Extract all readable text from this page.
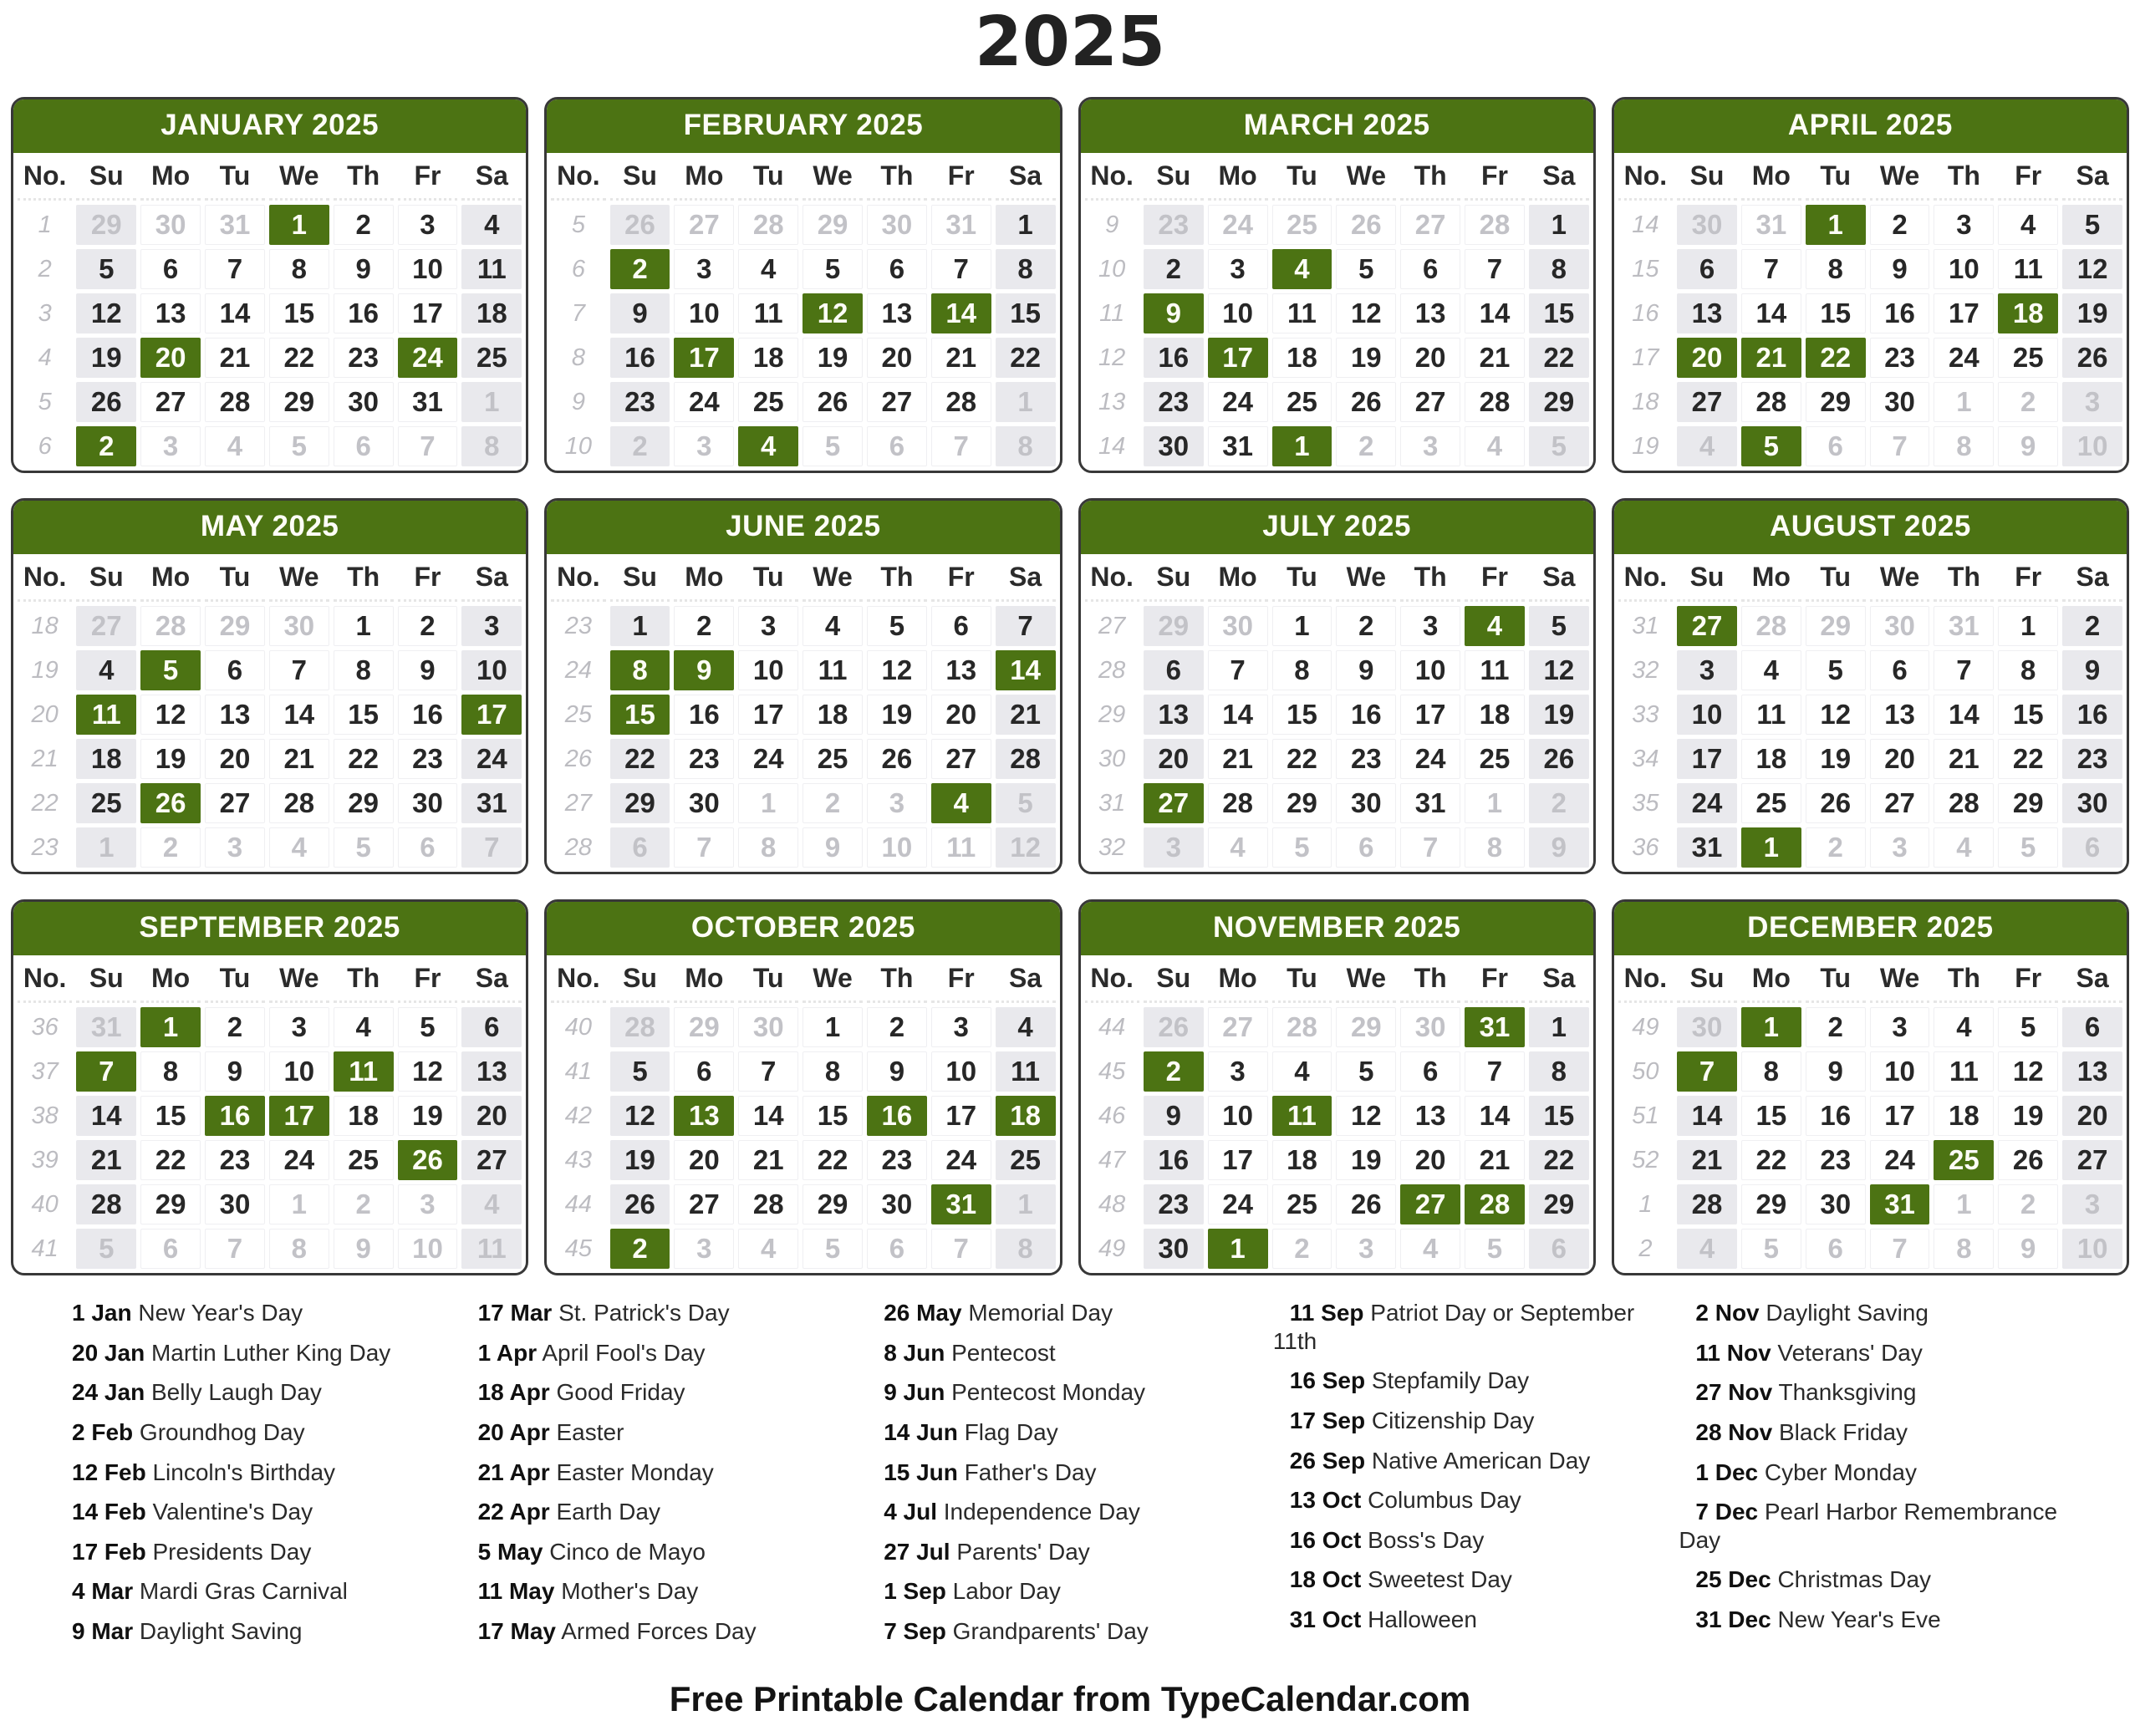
2025
JANUARY 2025
No.	Su	Mo	Tu	We	Th	Fr	Sa
1	29	30	31	1	2	3	4
2	5	6	7	8	9	10	11
3	12	13	14	15	16	17	18
4	19	20	21	22	23	24	25
5	26	27	28	29	30	31	1
6	2	3	4	5	6	7	8
FEBRUARY 2025
No.	Su	Mo	Tu	We	Th	Fr	Sa
5	26	27	28	29	30	31	1
6	2	3	4	5	6	7	8
7	9	10	11	12	13	14	15
8	16	17	18	19	20	21	22
9	23	24	25	26	27	28	1
10	2	3	4	5	6	7	8
MARCH 2025
No.	Su	Mo	Tu	We	Th	Fr	Sa
9	23	24	25	26	27	28	1
10	2	3	4	5	6	7	8
11	9	10	11	12	13	14	15
12	16	17	18	19	20	21	22
13	23	24	25	26	27	28	29
14	30	31	1	2	3	4	5
APRIL 2025
No.	Su	Mo	Tu	We	Th	Fr	Sa
14	30	31	1	2	3	4	5
15	6	7	8	9	10	11	12
16	13	14	15	16	17	18	19
17	20	21	22	23	24	25	26
18	27	28	29	30	1	2	3
19	4	5	6	7	8	9	10
MAY 2025
No.	Su	Mo	Tu	We	Th	Fr	Sa
18	27	28	29	30	1	2	3
19	4	5	6	7	8	9	10
20	11	12	13	14	15	16	17
21	18	19	20	21	22	23	24
22	25	26	27	28	29	30	31
23	1	2	3	4	5	6	7
JUNE 2025
No.	Su	Mo	Tu	We	Th	Fr	Sa
23	1	2	3	4	5	6	7
24	8	9	10	11	12	13	14
25	15	16	17	18	19	20	21
26	22	23	24	25	26	27	28
27	29	30	1	2	3	4	5
28	6	7	8	9	10	11	12
JULY 2025
No.	Su	Mo	Tu	We	Th	Fr	Sa
27	29	30	1	2	3	4	5
28	6	7	8	9	10	11	12
29	13	14	15	16	17	18	19
30	20	21	22	23	24	25	26
31	27	28	29	30	31	1	2
32	3	4	5	6	7	8	9
AUGUST 2025
No.	Su	Mo	Tu	We	Th	Fr	Sa
31	27	28	29	30	31	1	2
32	3	4	5	6	7	8	9
33	10	11	12	13	14	15	16
34	17	18	19	20	21	22	23
35	24	25	26	27	28	29	30
36	31	1	2	3	4	5	6
SEPTEMBER 2025
No.	Su	Mo	Tu	We	Th	Fr	Sa
36	31	1	2	3	4	5	6
37	7	8	9	10	11	12	13
38	14	15	16	17	18	19	20
39	21	22	23	24	25	26	27
40	28	29	30	1	2	3	4
41	5	6	7	8	9	10	11
OCTOBER 2025
No.	Su	Mo	Tu	We	Th	Fr	Sa
40	28	29	30	1	2	3	4
41	5	6	7	8	9	10	11
42	12	13	14	15	16	17	18
43	19	20	21	22	23	24	25
44	26	27	28	29	30	31	1
45	2	3	4	5	6	7	8
NOVEMBER 2025
No.	Su	Mo	Tu	We	Th	Fr	Sa
44	26	27	28	29	30	31	1
45	2	3	4	5	6	7	8
46	9	10	11	12	13	14	15
47	16	17	18	19	20	21	22
48	23	24	25	26	27	28	29
49	30	1	2	3	4	5	6
DECEMBER 2025
No.	Su	Mo	Tu	We	Th	Fr	Sa
49	30	1	2	3	4	5	6
50	7	8	9	10	11	12	13
51	14	15	16	17	18	19	20
52	21	22	23	24	25	26	27
1	28	29	30	31	1	2	3
2	4	5	6	7	8	9	10
1 Jan New Year's Day
20 Jan Martin Luther King Day
24 Jan Belly Laugh Day
2 Feb Groundhog Day
12 Feb Lincoln's Birthday
14 Feb Valentine's Day
17 Feb Presidents Day
4 Mar Mardi Gras Carnival
9 Mar Daylight Saving
17 Mar St. Patrick's Day
1 Apr April Fool's Day
18 Apr Good Friday
20 Apr Easter
21 Apr Easter Monday
22 Apr Earth Day
5 May Cinco de Mayo
11 May Mother's Day
17 May Armed Forces Day
26 May Memorial Day
8 Jun Pentecost
9 Jun Pentecost Monday
14 Jun Flag Day
15 Jun Father's Day
4 Jul Independence Day
27 Jul Parents' Day
1 Sep Labor Day
7 Sep Grandparents' Day
11 Sep Patriot Day or September 11th
16 Sep Stepfamily Day
17 Sep Citizenship Day
26 Sep Native American Day
13 Oct Columbus Day
16 Oct Boss's Day
18 Oct Sweetest Day
31 Oct Halloween
2 Nov Daylight Saving
11 Nov Veterans' Day
27 Nov Thanksgiving
28 Nov Black Friday
1 Dec Cyber Monday
7 Dec Pearl Harbor Remembrance Day
25 Dec Christmas Day
31 Dec New Year's Eve
Free Printable Calendar from TypeCalendar.com
